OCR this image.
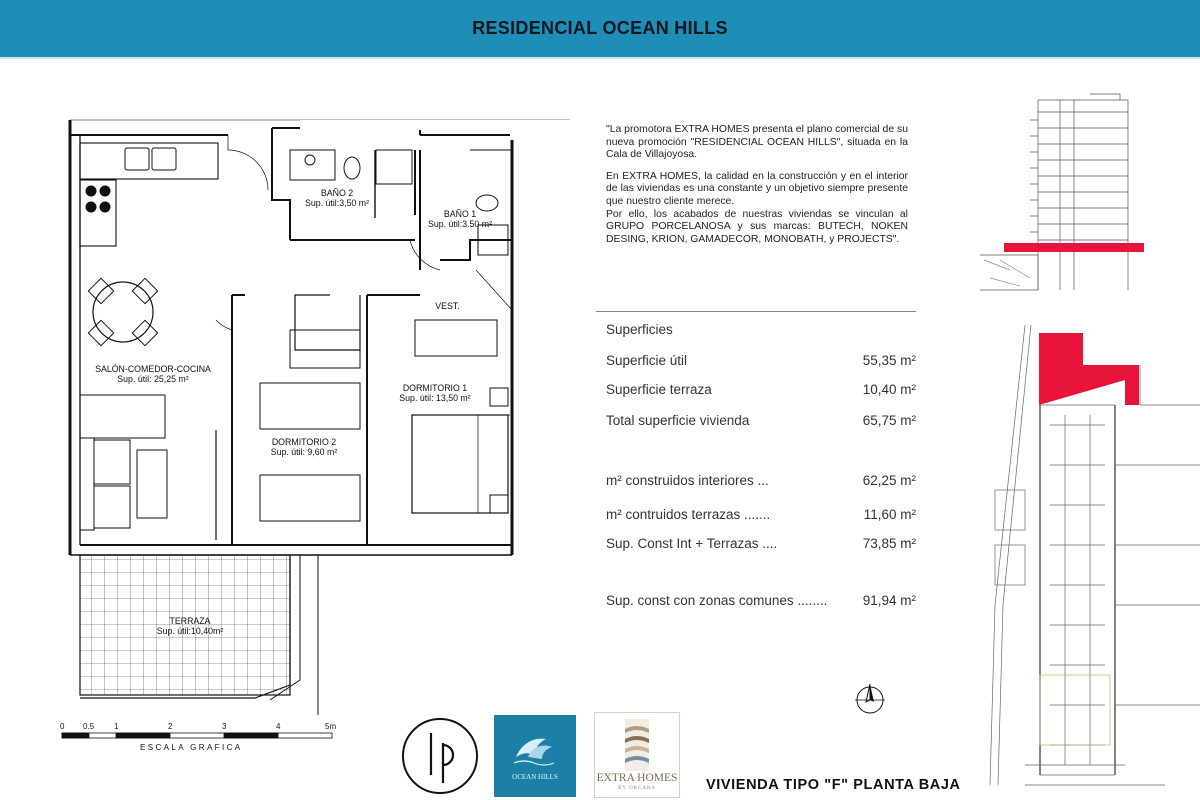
RESIDENCIAL OCEAN HILLS
SALÓN-COMEDOR-COCINA
Sup. útil: 25,25 m²
BAÑO 2
Sup. útil:3,50 m²
BAÑO 1
Sup. útil:3.50 m²
VEST.
DORMITORIO 1
Sup. útil: 13,50 m²
DORMITORIO 2
Sup. útil: 9,60 m²
TERRAZA
Sup. útil:10,40m²
0 0.5 1	2	3	4	5m
ESCALA GRAFICA

"La promotora EXTRA HOMES presenta el plano comercial de su nueva promoción "RESIDENCIAL OCEAN HILLS", situada en la Cala de Villajoyosa.

En EXTRA HOMES, la calidad en la construcción y en el interior de las viviendas es una constante y un objetivo siempre presente que nuestro cliente merece.

Por ello, los acabados de nuestras viviendas se vinculan al GRUPO PORCELANOSA y sus marcas: BUTECH, NOKEN DESING, KRION, GAMADECOR, MONOBATH, y PROJECTS".

Superficies
Superficie útil	55,35 m²
Superficie terraza	10,40 m²
Total superficie vivienda	65,75 m²
m² construidos interiores ...	62,25 m²
m² contruidos terrazas .......	11,60 m²
Sup. Const Int + Terrazas ....	73,85 m²
Sup. const con zonas comunes ........	91,94 m²
OCEAN HILLS	EXTRA HOMES
BY ORCARA	VIVIENDA TIPO "F" PLANTA BAJA
